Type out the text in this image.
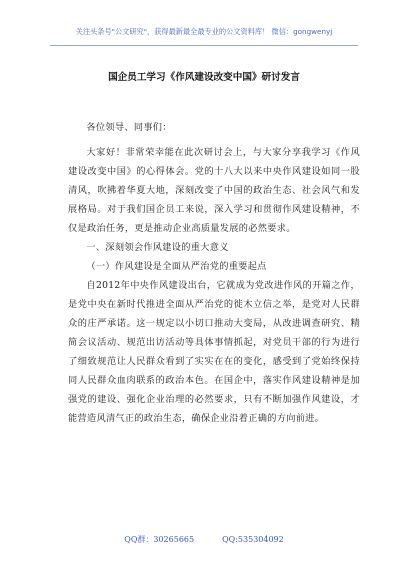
关注头条号"公文研究"，获得最新最全最专业的公文资料库！ 微信：gongwenyj
国企员工学习《作风建设改变中国》研讨发言

各位领导、同事们：

大家好！非常荣幸能在此次研讨会上，与大家分享我学习《作风建设改变中国》的心得体会。党的十八大以来中央作风建设如同一股清风，吹拂着华夏大地，深刻改变了中国的政治生态、社会风气和发展格局。对于我们国企员工来说，深入学习和贯彻作风建设精神，不仅是政治任务，更是推动企业高质量发展的必然要求。

一、深刻领会作风建设的重大意义

（一）作风建设是全面从严治党的重要起点

自2012年中央作风建设出台，它就成为党改进作风的开篇之作，是党中央在新时代推进全面从严治党的徙木立信之举，是党对人民群众的庄严承诺。这一规定以小切口推动大变局，从改进调查研究、精简会议活动、规范出访活动等具体事情抓起，对党员干部的行为进行了细致规范让人民群众看到了实实在在的变化，感受到了党始终保持同人民群众血肉联系的政治本色。在国企中，落实作风建设精神是加强党的建设、强化企业治理的必然要求，只有不断加强作风建设，才能营造风清气正的政治生态，确保企业沿着正确的方向前进。

QQ群：30265665	QQ:535304092
